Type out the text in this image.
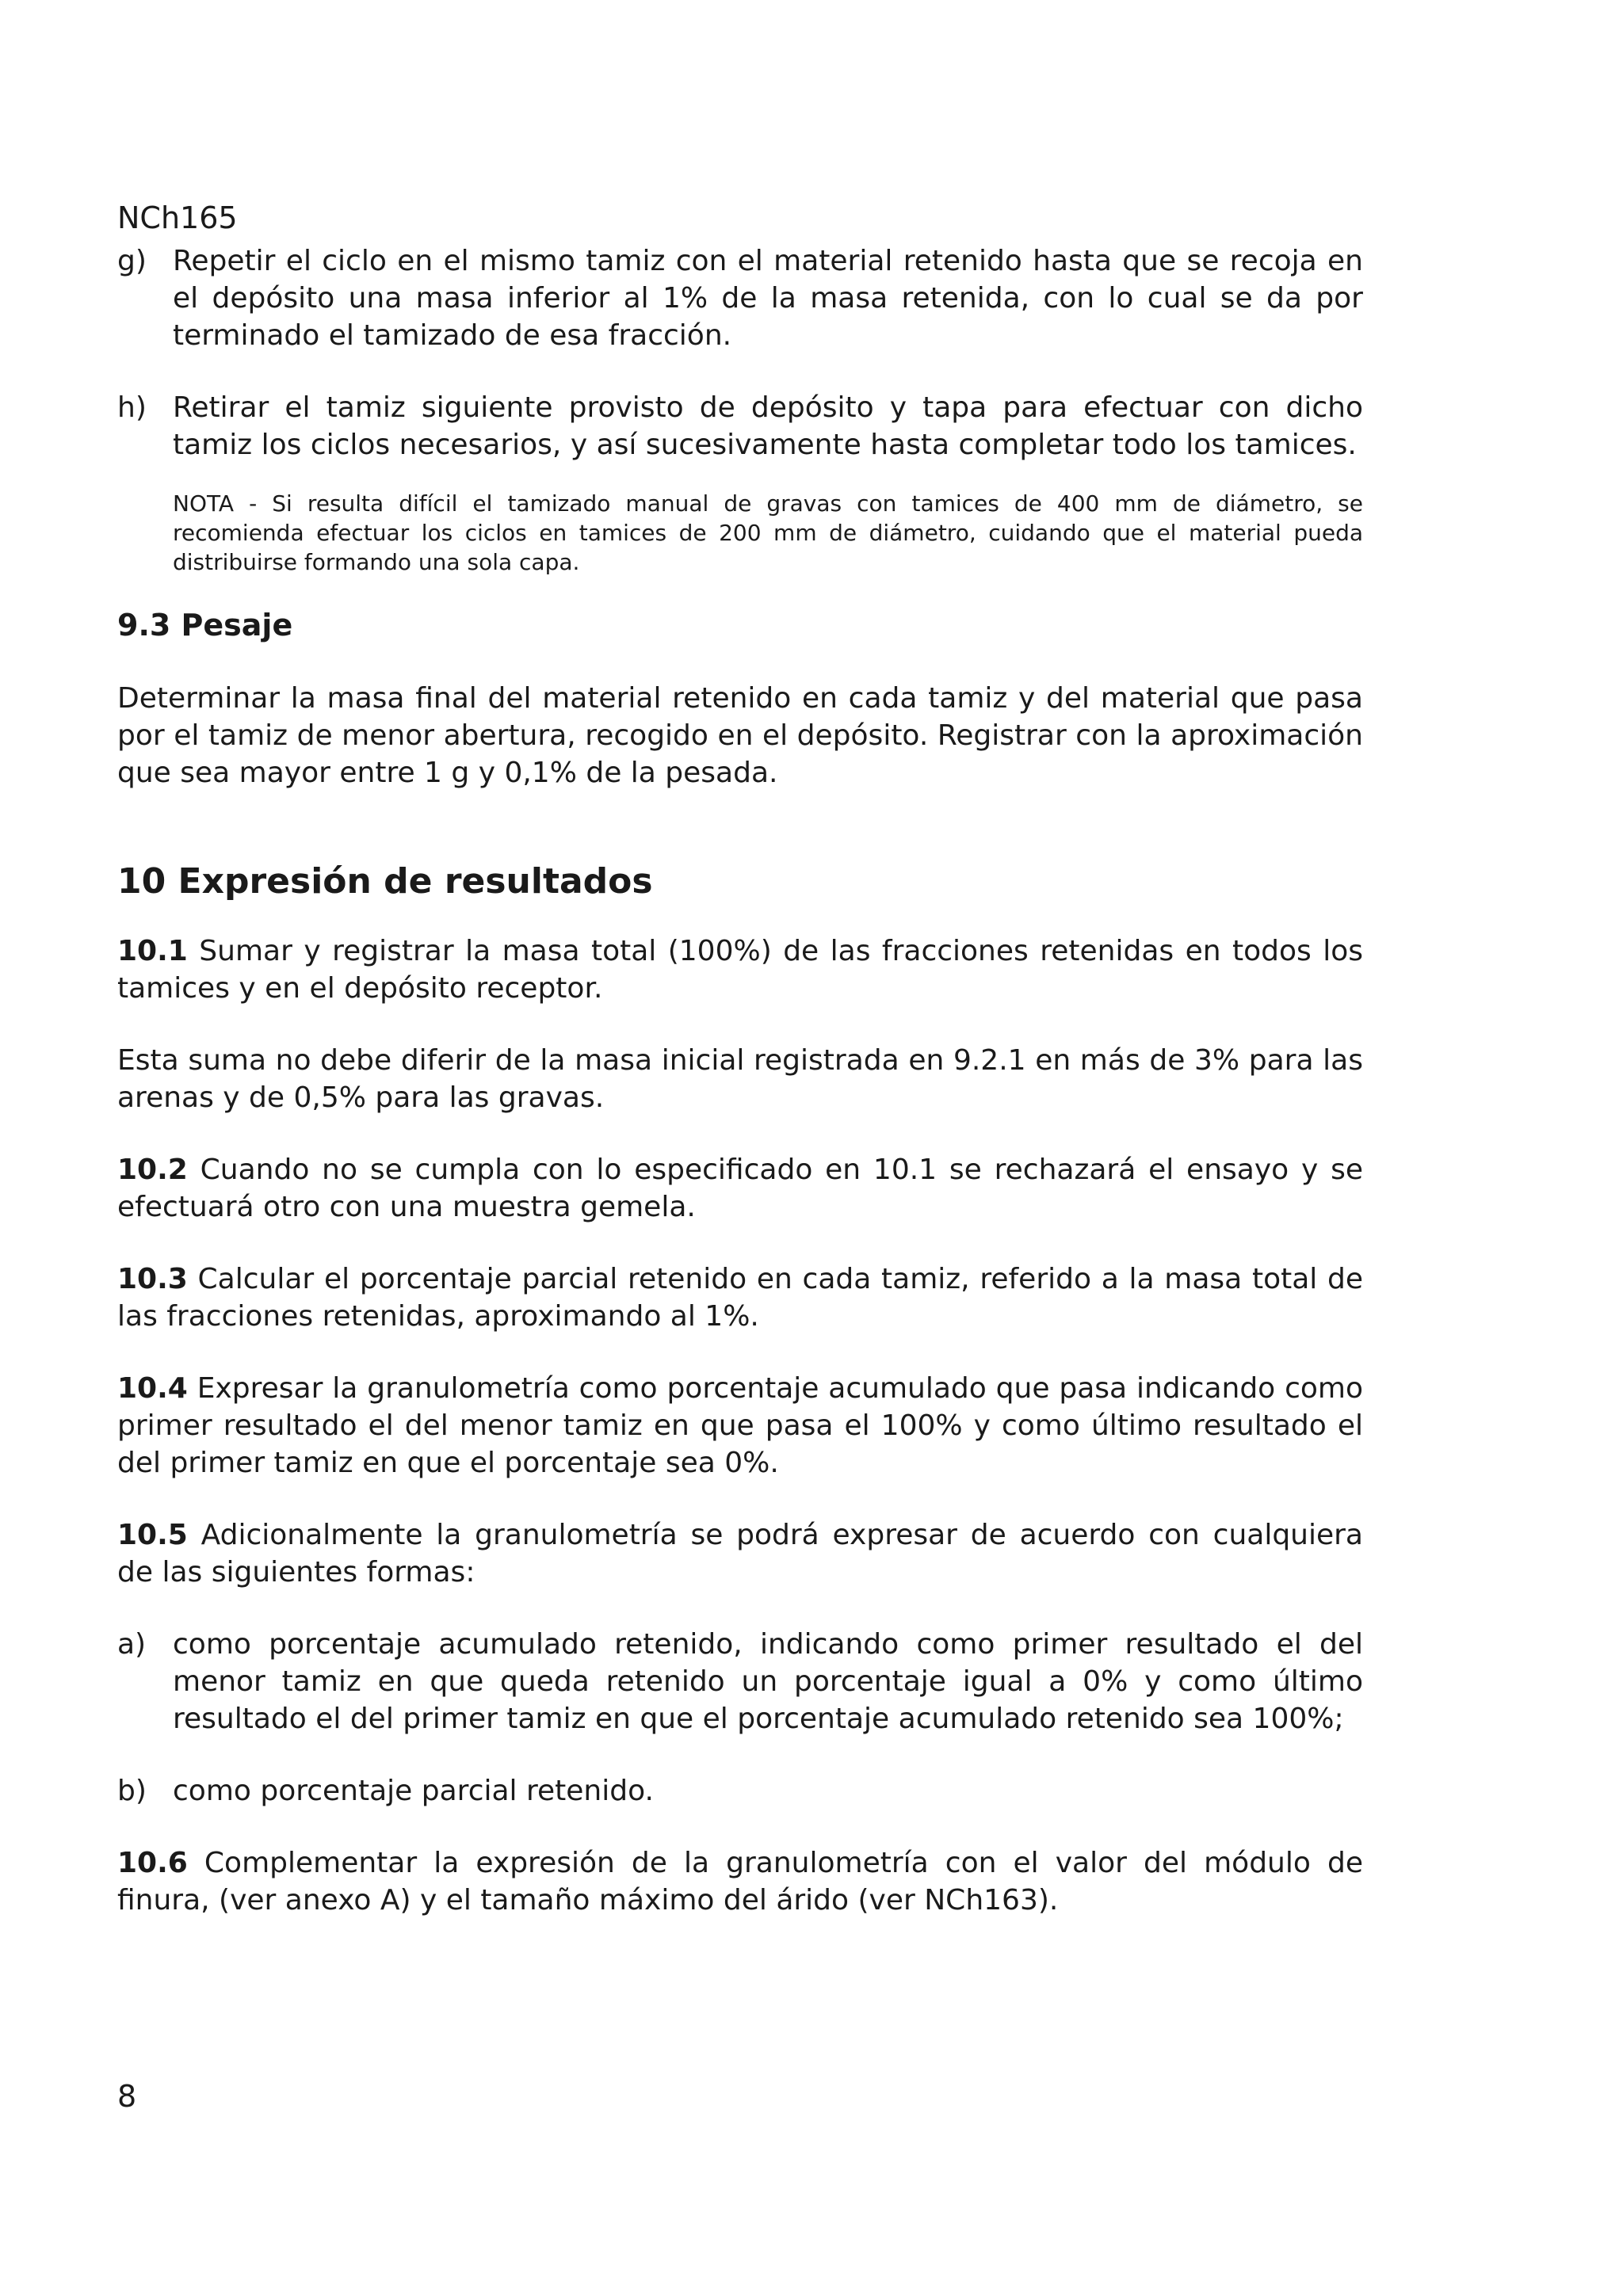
NCh165

g) Repetir el ciclo en el mismo tamiz con el material retenido hasta que se recoja en el depósito una masa inferior al 1% de la masa retenida, con lo cual se da por terminado el tamizado de esa fracción.
h) Retirar el tamiz siguiente provisto de depósito y tapa para efectuar con dicho tamiz los ciclos necesarios, y así sucesivamente hasta completar todo los tamices.

NOTA - Si resulta difícil el tamizado manual de gravas con tamices de 400 mm de diámetro, se recomienda efectuar los ciclos en tamices de 200 mm de diámetro, cuidando que el material pueda distribuirse formando una sola capa.

9.3 Pesaje

Determinar la masa final del material retenido en cada tamiz y del material que pasa por el tamiz de menor abertura, recogido en el depósito. Registrar con la aproximación que sea mayor entre 1 g y 0,1% de la pesada.

10 Expresión de resultados

10.1 Sumar y registrar la masa total (100%) de las fracciones retenidas en todos los tamices y en el depósito receptor.

Esta suma no debe diferir de la masa inicial registrada en 9.2.1 en más de 3% para las arenas y de 0,5% para las gravas.

10.2 Cuando no se cumpla con lo especificado en 10.1 se rechazará el ensayo y se efectuará otro con una muestra gemela.

10.3 Calcular el porcentaje parcial retenido en cada tamiz, referido a la masa total de las fracciones retenidas, aproximando al 1%.

10.4 Expresar la granulometría como porcentaje acumulado que pasa indicando como primer resultado el del menor tamiz en que pasa el 100% y como último resultado el del primer tamiz en que el porcentaje sea 0%.

10.5 Adicionalmente la granulometría se podrá expresar de acuerdo con cualquiera de las siguientes formas:

a) como porcentaje acumulado retenido, indicando como primer resultado el del menor tamiz en que queda retenido un porcentaje igual a 0% y como último resultado el del primer tamiz en que el porcentaje acumulado retenido sea 100%;
b) como porcentaje parcial retenido.

10.6 Complementar la expresión de la granulometría con el valor del módulo de finura, (ver anexo A) y el tamaño máximo del árido (ver NCh163).

8
